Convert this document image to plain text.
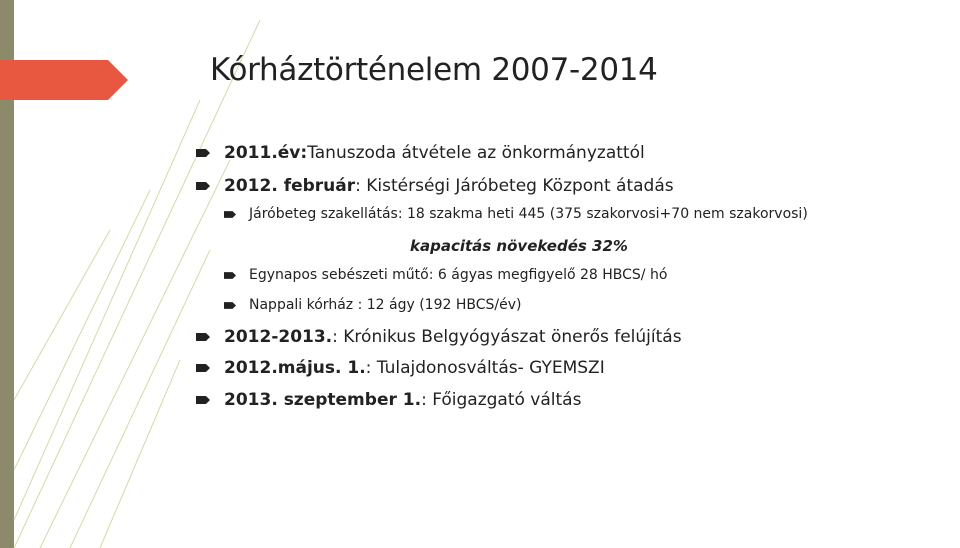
Kórháztörténelem 2007-2014
2011.év: Tanuszoda átvétele az önkormányzattól
2012. február : Kistérségi Járóbeteg Központ átadás
Járóbeteg szakellátás: 18 szakma heti 445 (375 szakorvosi+70 nem szakorvosi)
kapacitás növekedés 32%
Egynapos sebészeti műtő: 6 ágyas megfigyelő 28 HBCS/ hó
Nappali kórház : 12 ágy (192 HBCS/év)
2012-2013. : Krónikus Belgyógyászat önerős felújítás
2012.május. 1. : Tulajdonosváltás- GYEMSZI
2013. szeptember 1. : Főigazgató váltás
